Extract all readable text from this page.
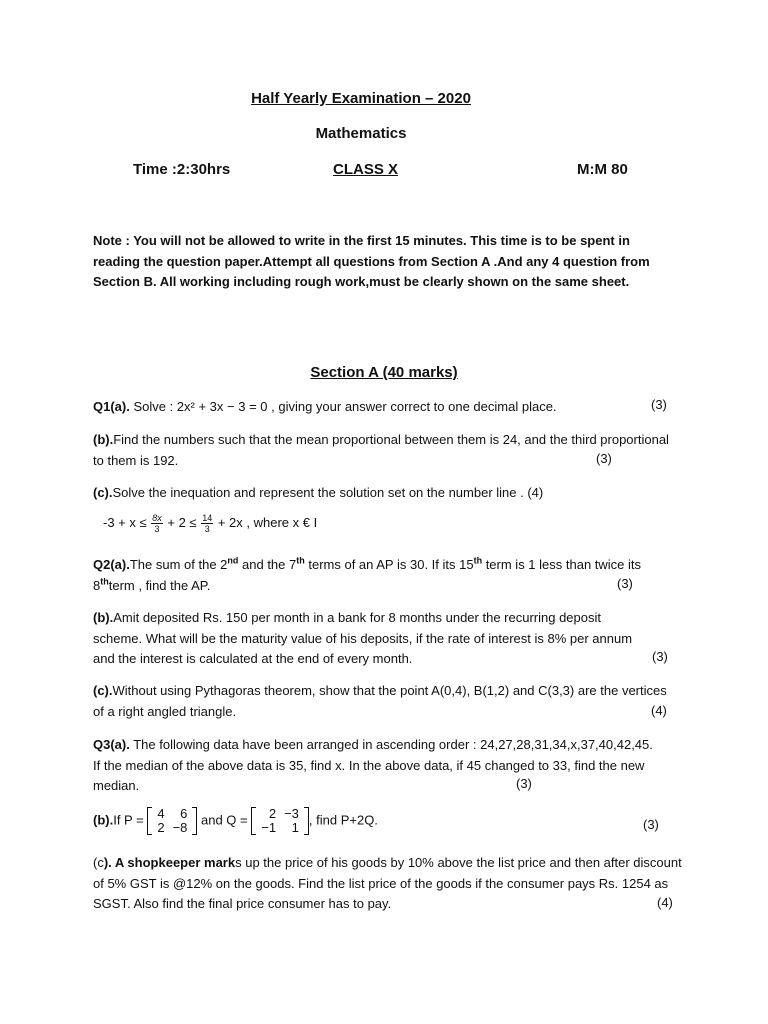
Half Yearly Examination – 2020
Mathematics
Time :2:30hrs	CLASS X	M:M 80
Note : You will not be allowed to write in the first 15 minutes. This time is to be spent in reading the question paper.Attempt all questions from Section A .And any 4 question from Section B. All working including rough work,must be clearly shown on the same sheet.
Section A (40 marks)
Q1(a). Solve : 2x² + 3x − 3 = 0 , giving your answer correct to one decimal place.	(3)
(b).Find the numbers such that the mean proportional between them is 24, and the third proportional to them is 192.	(3)
(c).Solve the inequation and represent the solution set on the number line . (4)
$-3 + x \le \frac{8x}{3} + 2 \le \frac{14}{3} + 2x$ , where x € I
Q2(a).The sum of the 2nd and the 7th terms of an AP is 30. If its 15th term is 1 less than twice its 8thterm , find the AP.	(3)
(b).Amit deposited Rs. 150 per month in a bank for 8 months under the recurring deposit scheme. What will be the maturity value of his deposits, if the rate of interest is 8% per annum and the interest is calculated at the end of every month.	(3)
(c).Without using Pythagoras theorem, show that the point A(0,4), B(1,2) and C(3,3) are the vertices of a right angled triangle.	(4)
Q3(a). The following data have been arranged in ascending order : 24,27,28,31,34,x,37,40,42,45. If the median of the above data is 35, find x. In the above data, if 45 changed to 33, find the new median.	(3)
(b).If P = 4	6
2	−8
and Q = 2	−3
−1	1
, find P+2Q.	(3)
(c). A shopkeeper marks up the price of his goods by 10% above the list price and then after discount of 5% GST is @12% on the goods. Find the list price of the goods if the consumer pays Rs. 1254 as SGST. Also find the final price consumer has to pay.	(4)
